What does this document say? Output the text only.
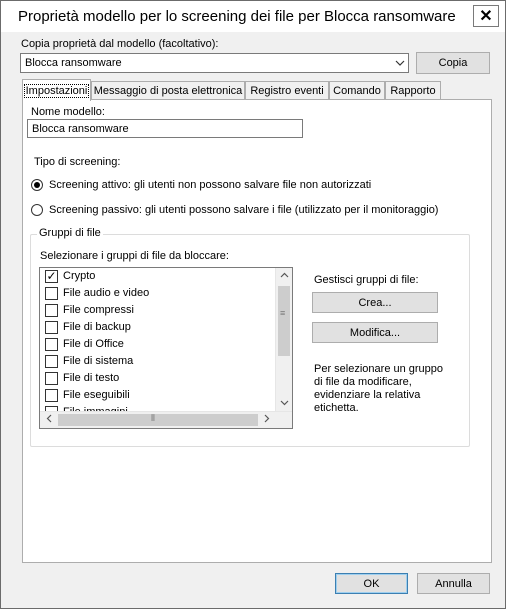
Proprietà modello per lo screening dei file per Blocca ransomware ✕
Copia proprietà dal modello (facoltativo):
Blocca ransomware	Copia
Impostazioni Messaggio di posta elettronica Registro eventi Comando Rapporto
Nome modello:
Blocca ransomware
Tipo di screening:
Screening attivo: gli utenti non possono salvare file non autorizzati
Screening passivo: gli utenti possono salvare i file (utilizzato per il monitoraggio)
Gruppi di file
Selezionare i gruppi di file da bloccare:
✓ Crypto
File audio e video
File compressi
File di backup
File di Office
File di sistema
File di testo
File eseguibili
≡
⦀
Gestisci gruppi di file:
Crea...
Modifica...
Per selezionare un gruppo di file da modificare, evidenziare la relativa etichetta.
OK	Annulla
